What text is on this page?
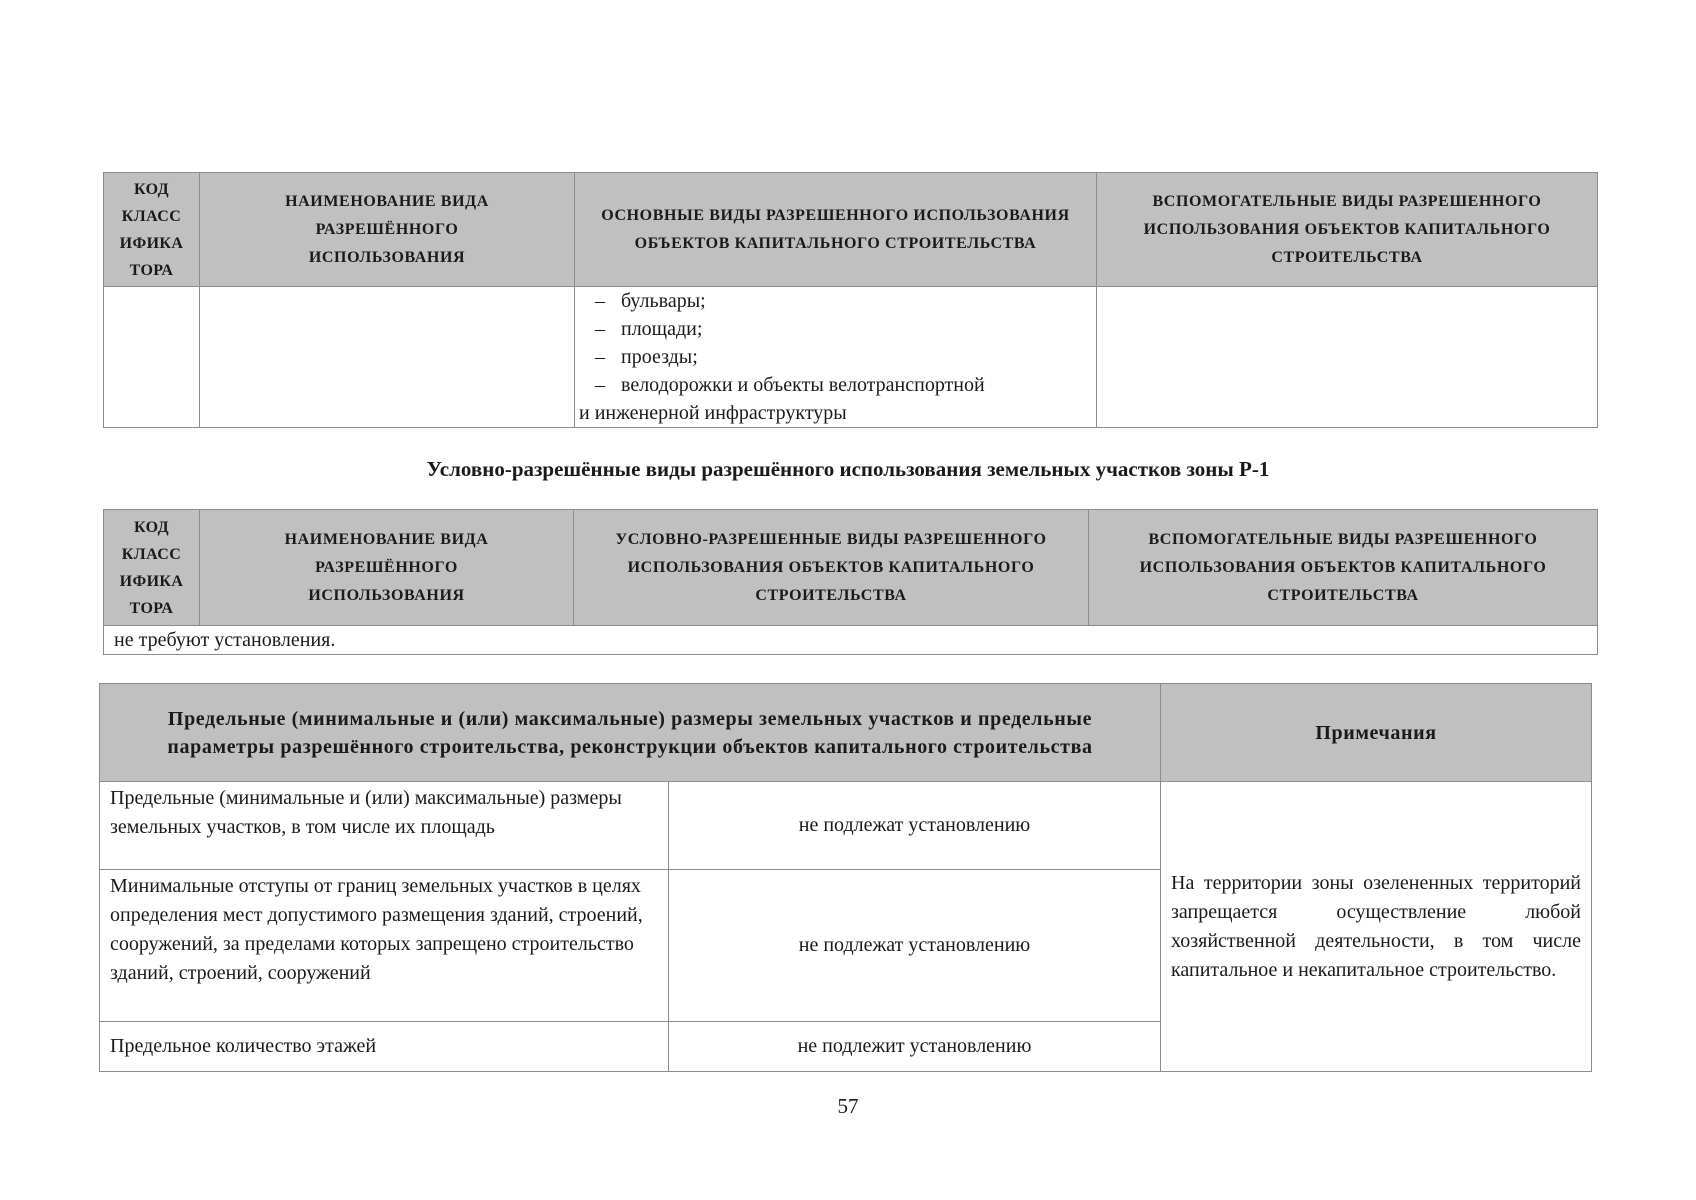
КОД
КЛАСС
ИФИКА
ТОРА	НАИМЕНОВАНИЕ ВИДА РАЗРЕШЁННОГО ИСПОЛЬЗОВАНИЯ	ОСНОВНЫЕ ВИДЫ РАЗРЕШЕННОГО ИСПОЛЬЗОВАНИЯ ОБЪЕКТОВ КАПИТАЛЬНОГО СТРОИТЕЛЬСТВА	ВСПОМОГАТЕЛЬНЫЕ ВИДЫ РАЗРЕШЕННОГО ИСПОЛЬЗОВАНИЯ ОБЪЕКТОВ КАПИТАЛЬНОГО СТРОИТЕЛЬСТВА

		– бульвары;
– площади;
– проезды;
– велодорожки и объекты велотранспортной
и инженерной инфраструктуры	

Условно-разрешённые виды разрешённого использования земельных участков зоны Р-1
КОД
КЛАСС
ИФИКА
ТОРА
	НАИМЕНОВАНИЕ ВИДА РАЗРЕШЁННОГО ИСПОЛЬЗОВАНИЯ	УСЛОВНО-РАЗРЕШЕННЫЕ ВИДЫ РАЗРЕШЕННОГО ИСПОЛЬЗОВАНИЯ ОБЪЕКТОВ КАПИТАЛЬНОГО СТРОИТЕЛЬСТВА	ВСПОМОГАТЕЛЬНЫЕ ВИДЫ РАЗРЕШЕННОГО ИСПОЛЬЗОВАНИЯ ОБЪЕКТОВ КАПИТАЛЬНОГО СТРОИТЕЛЬСТВА
не требуют установления.
Предельные (минимальные и (или) максимальные) размеры земельных участков и предельные параметры разрешённого строительства, реконструкции объектов капитального строительства		Примечания
Предельные (минимальные и (или) максимальные) размеры земельных участков, в том числе их площадь	не подлежат установлению	На территории зоны озелененных территорий запрещается осуществление любой хозяйственной деятельности, в том числе капитальное и некапитальное строительство.
Минимальные отступы от границ земельных участков в целях определения мест допустимого размещения зданий, строений, сооружений, за пределами которых запрещено строительство зданий, строений, сооружений	не подлежат установлению	
Предельное количество этажей	не подлежит установлению	
57
